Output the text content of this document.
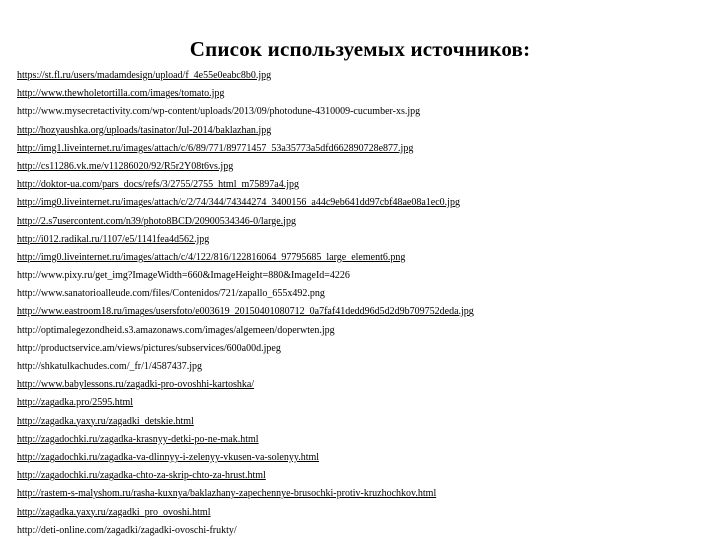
Список используемых источников:
https://st.fl.ru/users/madamdesign/upload/f_4e55e0eabc8b0.jpg
http://www.thewholetortilla.com/images/tomato.jpg
http://www.mysecretactivity.com/wp-content/uploads/2013/09/photodune-4310009-cucumber-xs.jpg
http://hozyaushka.org/uploads/tasinator/Jul-2014/baklazhan.jpg
http://img1.liveinternet.ru/images/attach/c/6/89/771/89771457_53a35773a5dfd662890728e877.jpg
http://cs11286.vk.me/v11286020/92/R5r2Y08t6vs.jpg
http://doktor-ua.com/pars_docs/refs/3/2755/2755_html_m75897a4.jpg
http://img0.liveinternet.ru/images/attach/c/2/74/344/74344274_3400156_a44c9eb641dd97cbf48ae08a1ec0.jpg
http://2.s7usercontent.com/n39/photo8BCD/20900534346-0/large.jpg
http://i012.radikal.ru/1107/e5/1141fea4d562.jpg
http://img0.liveinternet.ru/images/attach/c/4/122/816/122816064_97795685_large_element6.png
http://www.pixy.ru/get_img?ImageWidth=660&ImageHeight=880&ImageId=4226
http://www.sanatorioalleude.com/files/Contenidos/721/zapallo_655x492.png
http://www.eastroom18.ru/images/usersfoto/e003619_20150401080712_0a7faf41dedd96d5d2d9b709752deda.jpg
http://optimalegezondheid.s3.amazonaws.com/images/algemeen/doperwten.jpg
http://productservice.am/views/pictures/subservices/600a00d.jpeg
http://shkatulkachudes.com/_fr/1/4587437.jpg
http://www.babylessons.ru/zagadki-pro-ovoshhi-kartoshka/
http://zagadka.pro/2595.html
http://zagadka.yaxy.ru/zagadki_detskie.html
http://zagadochki.ru/zagadka-krasnyy-detki-po-ne-mak.html
http://zagadochki.ru/zagadka-va-dlinnyy-i-zelenyy-vkusen-va-solenyy.html
http://zagadochki.ru/zagadka-chto-za-skrip-chto-za-hrust.html
http://rastem-s-malyshom.ru/rasha-kuxnya/baklazhany-zapechennye-brusochki-protiv-kruzhochkov.html
http://zagadka.yaxy.ru/zagadki_pro_ovoshi.html
http://deti-online.com/zagadki/zagadki-ovoschi-frukty/
